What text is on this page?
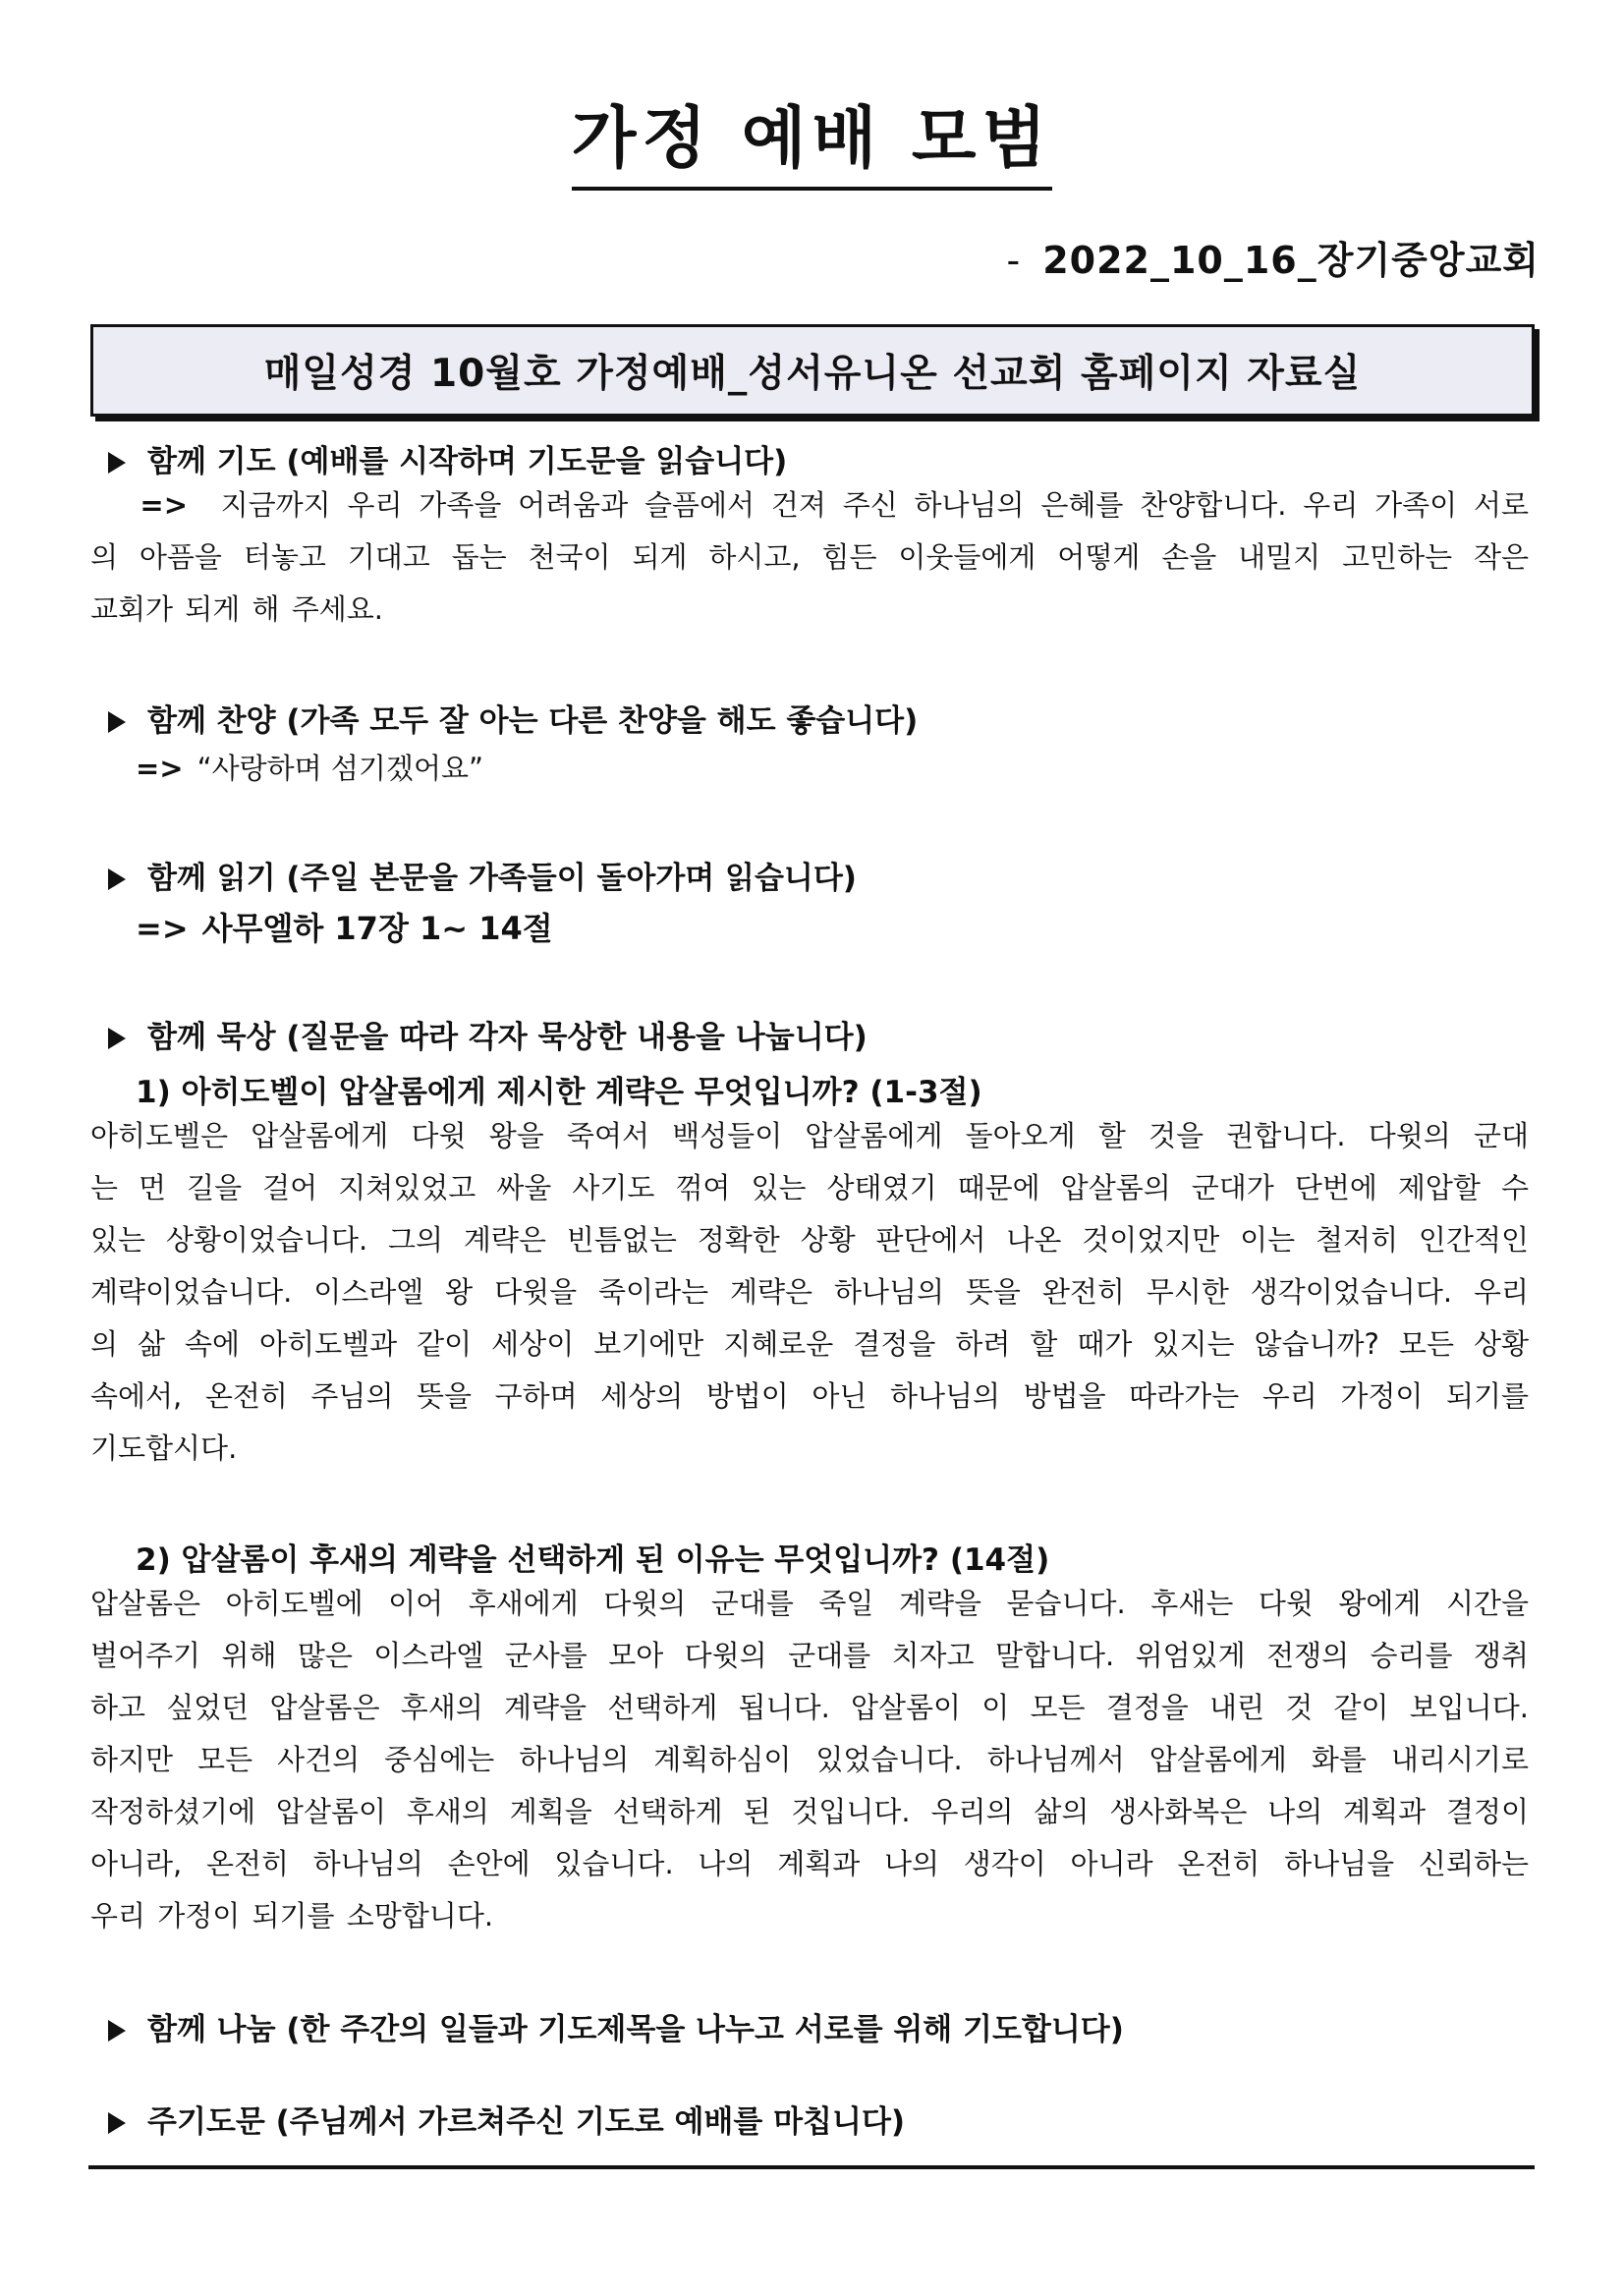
가정 예배 모범
- 2022_10_16_장기중앙교회
매일성경 10월호 가정예배_성서유니온 선교회 홈페이지 자료실
함께 기도 (예배를 시작하며 기도문을 읽습니다)
=> 지금까지 우리 가족을 어려움과 슬픔에서 건져 주신 하나님의 은혜를 찬양합니다. 우리 가족이 서로
의 아픔을 터놓고 기대고 돕는 천국이 되게 하시고, 힘든 이웃들에게 어떻게 손을 내밀지 고민하는 작은
교회가 되게 해 주세요.
함께 찬양 (가족 모두 잘 아는 다른 찬양을 해도 좋습니다)
=> “사랑하며 섬기겠어요”
함께 읽기 (주일 본문을 가족들이 돌아가며 읽습니다)
=> 사무엘하 17장 1~ 14절
함께 묵상 (질문을 따라 각자 묵상한 내용을 나눕니다)
1) 아히도벨이 압살롬에게 제시한 계략은 무엇입니까? (1-3절)
아히도벨은 압살롬에게 다윗 왕을 죽여서 백성들이 압살롬에게 돌아오게 할 것을 권합니다. 다윗의 군대
는 먼 길을 걸어 지쳐있었고 싸울 사기도 꺾여 있는 상태였기 때문에 압살롬의 군대가 단번에 제압할 수
있는 상황이었습니다. 그의 계략은 빈틈없는 정확한 상황 판단에서 나온 것이었지만 이는 철저히 인간적인
계략이었습니다. 이스라엘 왕 다윗을 죽이라는 계략은 하나님의 뜻을 완전히 무시한 생각이었습니다. 우리
의 삶 속에 아히도벨과 같이 세상이 보기에만 지혜로운 결정을 하려 할 때가 있지는 않습니까? 모든 상황
속에서, 온전히 주님의 뜻을 구하며 세상의 방법이 아닌 하나님의 방법을 따라가는 우리 가정이 되기를
기도합시다.
2) 압살롬이 후새의 계략을 선택하게 된 이유는 무엇입니까? (14절)
압살롬은 아히도벨에 이어 후새에게 다윗의 군대를 죽일 계략을 묻습니다. 후새는 다윗 왕에게 시간을
벌어주기 위해 많은 이스라엘 군사를 모아 다윗의 군대를 치자고 말합니다. 위엄있게 전쟁의 승리를 쟁취
하고 싶었던 압살롬은 후새의 계략을 선택하게 됩니다. 압살롬이 이 모든 결정을 내린 것 같이 보입니다.
하지만 모든 사건의 중심에는 하나님의 계획하심이 있었습니다. 하나님께서 압살롬에게 화를 내리시기로
작정하셨기에 압살롬이 후새의 계획을 선택하게 된 것입니다. 우리의 삶의 생사화복은 나의 계획과 결정이
아니라, 온전히 하나님의 손안에 있습니다. 나의 계획과 나의 생각이 아니라 온전히 하나님을 신뢰하는
우리 가정이 되기를 소망합니다.
함께 나눔 (한 주간의 일들과 기도제목을 나누고 서로를 위해 기도합니다)
주기도문 (주님께서 가르쳐주신 기도로 예배를 마칩니다)
